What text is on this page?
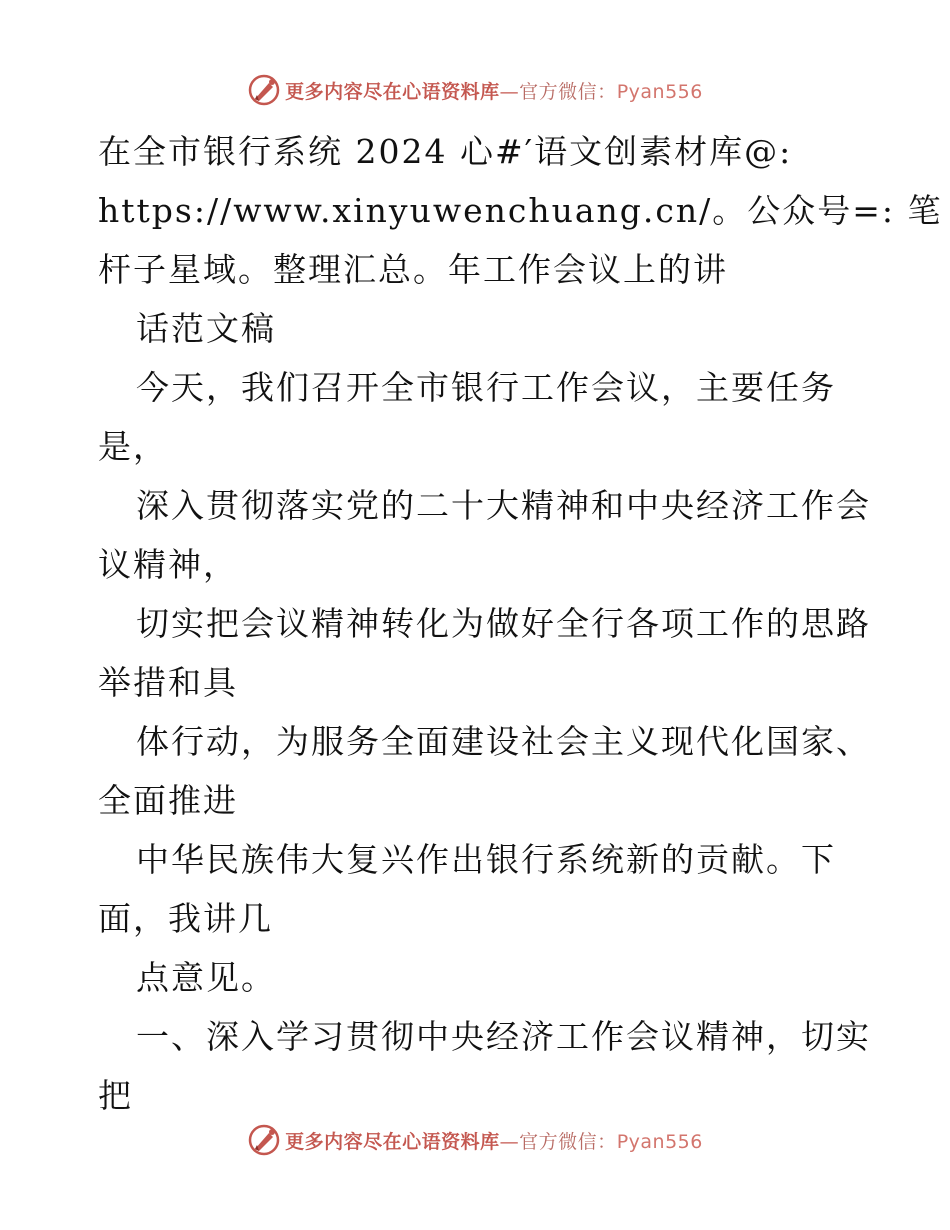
更多内容尽在心语资料库—官方微信：Pyan556
在全市银行系统 2024 心#′语文创素材库@:
https://www.xinyuwenchuang.cn/。公众号=: 笔
杆子星域。整理汇总。年工作会议上的讲
话范文稿
今天，我们召开全市银行工作会议，主要任务
是，
深入贯彻落实党的二十大精神和中央经济工作会
议精神，
切实把会议精神转化为做好全行各项工作的思路
举措和具
体行动，为服务全面建设社会主义现代化国家、
全面推进
中华民族伟大复兴作出银行系统新的贡献。下
面，我讲几
点意见。
一、深入学习贯彻中央经济工作会议精神，切实
把
更多内容尽在心语资料库—官方微信：Pyan556
